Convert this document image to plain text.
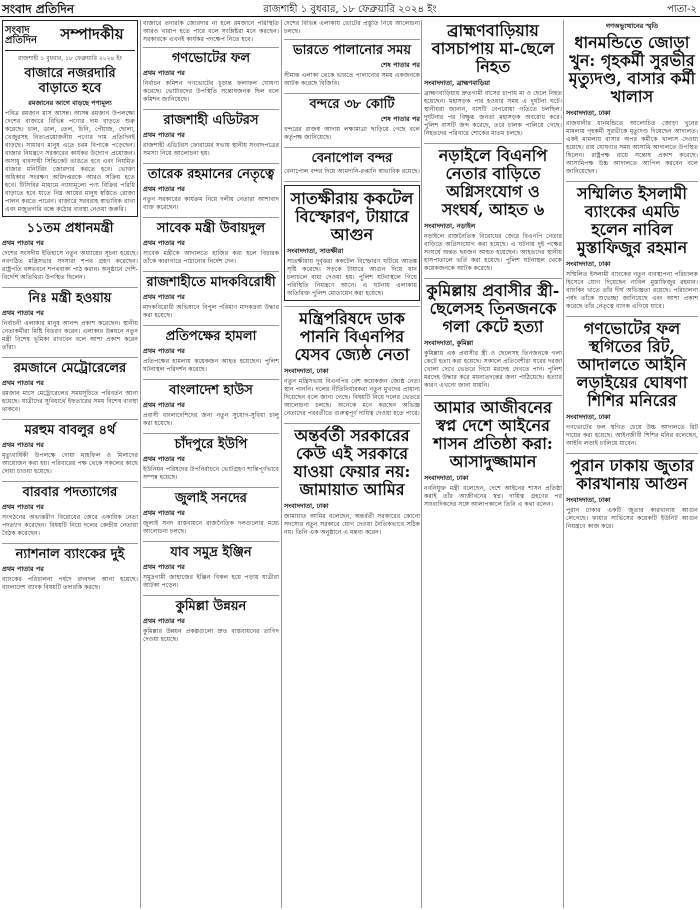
সংবাদ প্রতিদিন	রাজশাহী ১ বুধবার, ১৮ ফেব্রুয়ারি ২০২৪ ইং	পাতা-২
সংবাদ প্রতিদিন	সম্পাদকীয়
রাজশাহী ১ বুধবার, ১৮ ফেব্রুয়ারি ২০২৪ ইং
বাজারে নজরদারি বাড়াতে হবে
রমজানের আগে বাড়ছে পণ্যমূল্য

পবিত্র রমজান মাস আসন্ন। আসন্ন রমজান উপলক্ষ্যে দেশের বাজারে বিভিন্ন পণ্যের দাম বাড়তে শুরু করেছে। চাল, ডাল, তেল, চিনি, পেঁয়াজ, ছোলা, খেজুরসহ নিত্যপ্রয়োজনীয় পণ্যের দাম প্রতিদিনই বাড়ছে। সাধারণ মানুষ এতে চরম বিপাকে পড়েছেন। বাজার নিয়ন্ত্রণে সরকারের কার্যকর উদ্যোগ প্রয়োজন। অসাধু ব্যবসায়ী সিন্ডিকেট ভাঙতে হবে এবং নিয়মিত বাজার মনিটরিং জোরদার করতে হবে। ভোক্তা অধিকার সংরক্ষণ অধিদপ্তরকে আরও সক্রিয় হতে হবে। টিসিবির মাধ্যমে ন্যায্যমূল্যে পণ্য বিক্রির পরিধি বাড়াতে হবে যাতে নিম্ন আয়ের মানুষ স্বস্তিতে রোজা পালন করতে পারেন। বাজারে সরবরাহ স্বাভাবিক রাখা এবং মজুতদারি বন্ধে কঠোর ব্যবস্থা নেওয়া জরুরি।

১১তম প্রধানমন্ত্রী
প্রথম পাতার পর

দেশের সংসদীয় ইতিহাসে নতুন অধ্যায়ের সূচনা হয়েছে। নবগঠিত মন্ত্রিসভার সদস্যরা শপথ গ্রহণ করেছেন। রাষ্ট্রপতি বঙ্গভবনে শপথবাক্য পাঠ করান। অনুষ্ঠানে দেশি-বিদেশি অতিথিরা উপস্থিত ছিলেন।

নিঃ মন্ত্রী হওয়ায়
প্রথম পাতার পর

নির্বাচনী এলাকার মানুষ আনন্দ প্রকাশ করেছেন। স্থানীয় নেতাকর্মীরা মিষ্টি বিতরণ করেন। এলাকার উন্নয়নে নতুন মন্ত্রী বিশেষ ভূমিকা রাখবেন বলে আশা প্রকাশ করেন তাঁরা।

রমজানে মেট্রোরেলের
প্রথম পাতার পর

রমজান মাসে মেট্রোরেলের সময়সূচিতে পরিবর্তন আনা হয়েছে। যাত্রীদের সুবিধার্থে ইফতারের সময় বিশেষ ব্যবস্থা থাকবে।

মরহুম বাবলুর ৪র্থ
প্রথম পাতার পর

মৃত্যুবার্ষিকী উপলক্ষে দোয়া মাহফিল ও মিলাদের আয়োজন করা হয়। পরিবারের পক্ষ থেকে সকলের কাছে দোয়া চাওয়া হয়েছে।

বারবার পদত্যাগের
প্রথম পাতার পর

সংগঠনের অভ্যন্তরীণ বিরোধের জেরে একাধিক নেতা পদত্যাগ করেছেন। বিষয়টি নিয়ে দলের কেন্দ্রীয় নেতারা বৈঠক করেছেন।

ন্যাশনাল ব্যাংকের দুই
প্রথম পাতার পর

ব্যাংকের পরিচালনা পর্ষদে রদবদল আনা হয়েছে। বাংলাদেশ ব্যাংক বিষয়টি তদারকি করছে।

বাজারে তদারকি জোরদার না হলে রমজানে পরিস্থিতি আরও খারাপ হতে পারে বলে সংশ্লিষ্টরা মনে করছেন। সরকারকে এখনই কার্যকর পদক্ষেপ নিতে হবে।

গণভোটের ফল
প্রথম পাতার পর

নির্বাচন কমিশন গণভোটের চূড়ান্ত ফলাফল ঘোষণা করেছে। ভোটারদের উপস্থিতি সন্তোষজনক ছিল বলে কমিশন জানিয়েছে।

রাজশাহী এডিটরস
প্রথম পাতার পর

রাজশাহী এডিটরস ফোরামের সভায় স্থানীয় সংবাদপত্রের সমস্যা নিয়ে আলোচনা হয়।

তারেক রহমানের নেতৃত্বে
প্রথম পাতার পর

নতুন সরকারের কার্যক্রম নিয়ে দলীয় নেতারা আশাবাদ ব্যক্ত করেছেন।

সাবেক মন্ত্রী উবায়দুল
প্রথম পাতার পর

সাবেক মন্ত্রীকে আদালতে হাজির করা হলে বিচারক তাঁকে কারাগারে পাঠানোর নির্দেশ দেন।

রাজশাহীতে মাদকবিরোধী
প্রথম পাতার পর

মাদকবিরোধী অভিযানে বিপুল পরিমাণ মাদকদ্রব্য উদ্ধার করা হয়েছে।

প্রতিপক্ষের হামলা
প্রথম পাতার পর

প্রতিপক্ষের হামলায় কয়েকজন আহত হয়েছেন। পুলিশ ঘটনাস্থল পরিদর্শন করেছে।

বাংলাদেশ হাউস
প্রথম পাতার পর

প্রবাসী বাংলাদেশিদের জন্য নতুন সুযোগ-সুবিধা চালু করা হয়েছে।

চাঁদপুরে ইউপি
প্রথম পাতার পর

ইউনিয়ন পরিষদের উপনির্বাচনে ভোটগ্রহণ শান্তিপূর্ণভাবে সম্পন্ন হয়েছে।

জুলাই সনদের
প্রথম পাতার পর

জুলাই সনদ বাস্তবায়নে রাজনৈতিক দলগুলোর মধ্যে আলোচনা চলছে।

যাব সমুদ্র ইঞ্জিন
প্রথম পাতার পর

সমুদ্রগামী জাহাজের ইঞ্জিন বিকল হয়ে পড়ায় যাত্রীরা আটকা পড়েন।

কুমিল্লা উন্নয়ন
প্রথম পাতার পর

কুমিল্লার উন্নয়ন প্রকল্পগুলো দ্রুত বাস্তবায়নের তাগিদ দেওয়া হয়েছে।

দেশের বিভিন্ন এলাকায় ভোটের প্রস্তুতি নিয়ে আলোচনা চলছে।

ভারতে পালানোর সময়
শেষ পাতার পর

সীমান্ত এলাকা থেকে ভারতে পালানোর সময় একজনকে আটক করেছে বিজিবি।

বন্দরে ৩৮ কোটি
শেষ পাতার পর

বন্দরের রাজস্ব আদায় লক্ষ্যমাত্রা ছাড়িয়ে গেছে বলে কর্তৃপক্ষ জানিয়েছে।

বেনাপোল বন্দর

বেনাপোল বন্দর দিয়ে আমদানি-রপ্তানি স্বাভাবিক রয়েছে।

সাতক্ষীরায় ককটেল বিস্ফোরণ, টায়ারে আগুন
সংবাদদাতা, সাতক্ষীরা

সাতক্ষীরায় দুর্বৃত্তরা ককটেল বিস্ফোরণ ঘটিয়ে আতঙ্ক সৃষ্টি করেছে। সড়কে টায়ারে আগুন দিয়ে যান চলাচলে বাধা দেওয়া হয়। পুলিশ ঘটনাস্থলে গিয়ে পরিস্থিতি নিয়ন্ত্রণে আনে। এ ঘটনায় এলাকায় অতিরিক্ত পুলিশ মোতায়েন করা হয়েছে।

মন্ত্রিপরিষদে ডাক পাননি বিএনপির যেসব জ্যেষ্ঠ নেতা
সংবাদদাতা, ঢাকা

নতুন মন্ত্রিসভায় বিএনপির বেশ কয়েকজন জ্যেষ্ঠ নেতা স্থান পাননি। দলের নীতিনির্ধারকরা নতুন মুখদের প্রাধান্য দিয়েছেন বলে জানা গেছে। বিষয়টি নিয়ে দলের ভেতরে আলোচনা চলছে। অনেকে মনে করছেন অভিজ্ঞ নেতাদের পরবর্তীতে গুরুত্বপূর্ণ দায়িত্ব দেওয়া হতে পারে।

অন্তর্বর্তী সরকারের কেউ এই সরকারে যাওয়া ফেয়ার নয়: জামায়াত আমির
সংবাদদাতা, ঢাকা

জামায়াত আমির বলেছেন, অন্তর্বর্তী সরকারের কোনো সদস্যের নতুন সরকারে যোগ দেওয়া নৈতিকভাবে সঠিক নয়। তিনি এক অনুষ্ঠানে এ মন্তব্য করেন।

ব্রাহ্মণবাড়িয়ায় বাসচাপায় মা-ছেলে নিহত
সংবাদদাতা, ব্রাহ্মণবাড়িয়া

ব্রাহ্মণবাড়িয়ায় দ্রুতগামী বাসের চাপায় মা ও ছেলে নিহত হয়েছেন। মহাসড়ক পার হওয়ার সময় এ দুর্ঘটনা ঘটে। স্থানীয়রা জানান, বাসটি বেপরোয়া গতিতে চলছিল। দুর্ঘটনার পর বিক্ষুব্ধ জনতা মহাসড়ক অবরোধ করে। পুলিশ বাসটি জব্দ করেছে, তবে চালক পালিয়ে গেছে। নিহতদের পরিবারে শোকের মাতম চলছে।

নড়াইলে বিএনপি নেতার বাড়িতে অগ্নিসংযোগ ও সংঘর্ষ, আহত ৬
সংবাদদাতা, নড়াইল

নড়াইলে রাজনৈতিক বিরোধের জেরে বিএনপি নেতার বাড়িতে অগ্নিসংযোগ করা হয়েছে। এ ঘটনায় দুই পক্ষের সংঘর্ষে অন্তত ছয়জন আহত হয়েছেন। আহতদের স্থানীয় হাসপাতালে ভর্তি করা হয়েছে। পুলিশ ঘটনাস্থল থেকে কয়েকজনকে আটক করেছে।

কুমিল্লায় প্রবাসীর স্ত্রী-ছেলেসহ তিনজনকে গলা কেটে হত্যা
সংবাদদাতা, কুমিল্লা

কুমিল্লায় এক প্রবাসীর স্ত্রী ও ছেলেসহ তিনজনকে গলা কেটে হত্যা করা হয়েছে। সকালে প্রতিবেশীরা ঘরের দরজা খোলা দেখে ভেতরে গিয়ে মরদেহ দেখতে পান। পুলিশ মরদেহ উদ্ধার করে ময়নাতদন্তের জন্য পাঠিয়েছে। হত্যার কারণ এখনো জানা যায়নি।

আমার আজীবনের স্বপ্ন দেশে আইনের শাসন প্রতিষ্ঠা করা: আসাদুজ্জামান
সংবাদদাতা, ঢাকা

নবনিযুক্ত মন্ত্রী বলেছেন, দেশে আইনের শাসন প্রতিষ্ঠা করাই তাঁর আজীবনের স্বপ্ন। দায়িত্ব গ্রহণের পর সাংবাদিকদের সঙ্গে আলাপকালে তিনি এ কথা বলেন।

গণঅভ্যুত্থানের স্মৃতি
ধানমন্ডিতে জোড়া খুন: গৃহকর্মী সুরভীর মৃত্যুদণ্ড, বাসার কর্মী খালাস
সংবাদদাতা, ঢাকা

রাজধানীর ধানমন্ডিতে আলোচিত জোড়া খুনের মামলায় গৃহকর্মী সুরভীকে মৃত্যুদণ্ড দিয়েছেন আদালত। একই মামলায় বাসার অপর কর্মীকে খালাস দেওয়া হয়েছে। রায় ঘোষণার সময় আসামি আদালতে উপস্থিত ছিলেন। রাষ্ট্রপক্ষ রায়ে সন্তোষ প্রকাশ করেছে। আসামিপক্ষ উচ্চ আদালতে আপিল করবেন বলে জানিয়েছেন।

সম্মিলিত ইসলামী ব্যাংকের এমডি হলেন নাবিল মুস্তাফিজুর রহমান
সংবাদদাতা, ঢাকা

সম্মিলিত ইসলামী ব্যাংকের নতুন ব্যবস্থাপনা পরিচালক হিসেবে যোগ দিয়েছেন নাবিল মুস্তাফিজুর রহমান। ব্যাংকিং খাতে তাঁর দীর্ঘ অভিজ্ঞতা রয়েছে। পরিচালনা পর্ষদ তাঁকে শুভেচ্ছা জানিয়েছে এবং আশা প্রকাশ করেছে তাঁর নেতৃত্বে ব্যাংক এগিয়ে যাবে।

গণভোটের ফল স্থগিতের রিট, আদালতে আইনি লড়াইয়ের ঘোষণা শিশির মনিরের
সংবাদদাতা, ঢাকা

গণভোটের ফল স্থগিত চেয়ে উচ্চ আদালতে রিট দায়ের করা হয়েছে। আইনজীবী শিশির মনির বলেছেন, আইনি লড়াই চালিয়ে যাবেন।

পুরান ঢাকায় জুতার কারখানায় আগুন
সংবাদদাতা, ঢাকা

পুরান ঢাকার একটি জুতার কারখানায় আগুন লেগেছে। ফায়ার সার্ভিসের কয়েকটি ইউনিট আগুন নিয়ন্ত্রণে কাজ করে।
